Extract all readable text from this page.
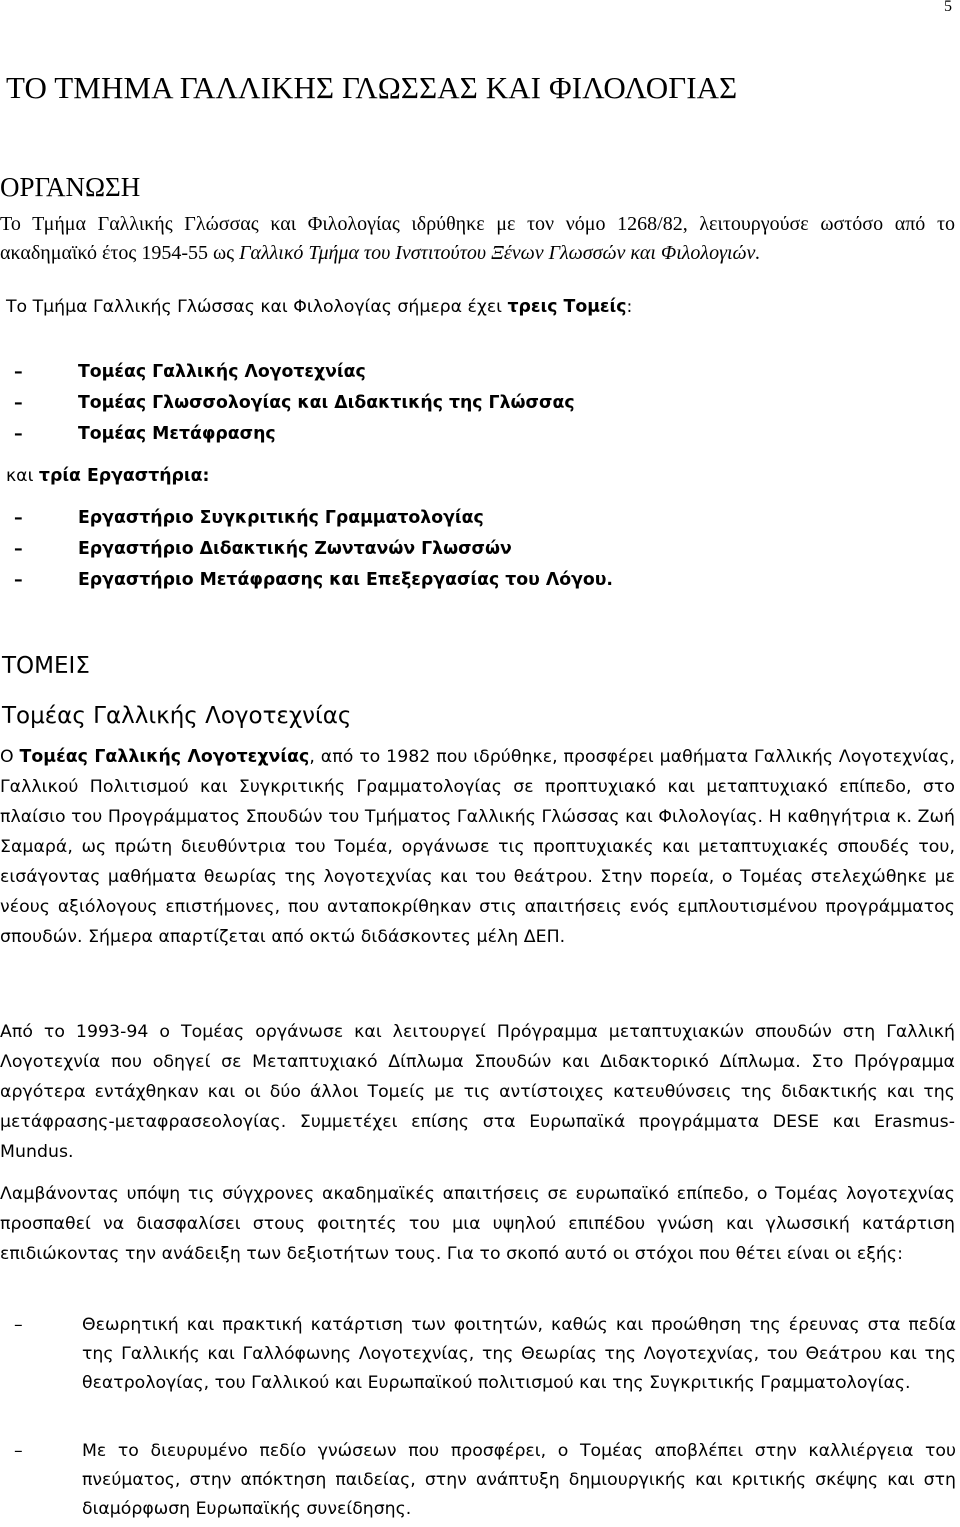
5
ΤΟ ΤΜΗΜΑ ΓΑΛΛΙΚΗΣ ΓΛΩΣΣΑΣ ΚΑΙ ΦΙΛΟΛΟΓΙΑΣ
ΟΡΓΑΝΩΣΗ

Το Τμήμα Γαλλικής Γλώσσας και Φιλολογίας ιδρύθηκε με τον νόμο 1268/82, λειτουργούσε ωστόσο από το ακαδημαϊκό έτος 1954-55 ως Γαλλικό Τμήμα του Ινστιτούτου Ξένων Γλωσσών και Φιλολογιών.

Το Τμήμα Γαλλικής Γλώσσας και Φιλολογίας σήμερα έχει τρεις Τομείς:

–	Τομέας Γαλλικής Λογοτεχνίας
–	Τομέας Γλωσσολογίας και Διδακτικής της Γλώσσας
–	Τομέας Μετάφρασης

και τρία Εργαστήρια:

–	Εργαστήριο Συγκριτικής Γραμματολογίας
–	Εργαστήριο Διδακτικής Ζωντανών Γλωσσών
–	Εργαστήριο Μετάφρασης και Επεξεργασίας του Λόγου.
ΤΟΜΕΙΣ
Τομέας Γαλλικής Λογοτεχνίας

Ο Τομέας Γαλλικής Λογοτεχνίας, από το 1982 που ιδρύθηκε, προσφέρει μαθήματα Γαλλικής Λογοτεχνίας, Γαλλικού Πολιτισμού και Συγκριτικής Γραμματολογίας σε προπτυχιακό και μεταπτυχιακό επίπεδο, στο πλαίσιο του Προγράμματος Σπουδών του Τμήματος Γαλλικής Γλώσσας και Φιλολογίας. Η καθηγήτρια κ. Ζωή Σαμαρά, ως πρώτη διευθύντρια του Τομέα, οργάνωσε τις προπτυχιακές και μεταπτυχιακές σπουδές του, εισάγοντας μαθήματα θεωρίας της λογοτεχνίας και του θεάτρου. Στην πορεία, ο Τομέας στελεχώθηκε με νέους αξιόλογους επιστήμονες, που ανταποκρίθηκαν στις απαιτήσεις ενός εμπλουτισμένου προγράμματος σπουδών. Σήμερα απαρτίζεται από οκτώ διδάσκοντες μέλη ΔΕΠ.

Από το 1993-94 ο Τομέας οργάνωσε και λειτουργεί Πρόγραμμα μεταπτυχιακών σπουδών στη Γαλλική Λογοτεχνία που οδηγεί σε Μεταπτυχιακό Δίπλωμα Σπουδών και Διδακτορικό Δίπλωμα. Στο Πρόγραμμα αργότερα εντάχθηκαν και οι δύο άλλοι Τομείς με τις αντίστοιχες κατευθύνσεις της διδακτικής και της μετάφρασης-μεταφρασεολογίας. Συμμετέχει επίσης στα Ευρωπαϊκά προγράμματα DESE και Erasmus-Mundus.

Λαμβάνοντας υπόψη τις σύγχρονες ακαδημαϊκές απαιτήσεις σε ευρωπαϊκό επίπεδο, ο Τομέας λογοτεχνίας προσπαθεί να διασφαλίσει στους φοιτητές του μια υψηλού επιπέδου γνώση και γλωσσική κατάρτιση επιδιώκοντας την ανάδειξη των δεξιοτήτων τους. Για το σκοπό αυτό οι στόχοι που θέτει είναι οι εξής:

–	Θεωρητική και πρακτική κατάρτιση των φοιτητών, καθώς και προώθηση της έρευνας στα πεδία της Γαλλικής και Γαλλόφωνης Λογοτεχνίας, της Θεωρίας της Λογοτεχνίας, του Θεάτρου και της θεατρολογίας, του Γαλλικού και Ευρωπαϊκού πολιτισμού και της Συγκριτικής Γραμματολογίας.
–	Με το διευρυμένο πεδίο γνώσεων που προσφέρει, ο Τομέας αποβλέπει στην καλλιέργεια του πνεύματος, στην απόκτηση παιδείας, στην ανάπτυξη δημιουργικής και κριτικής σκέψης και στη διαμόρφωση Ευρωπαϊκής συνείδησης.
